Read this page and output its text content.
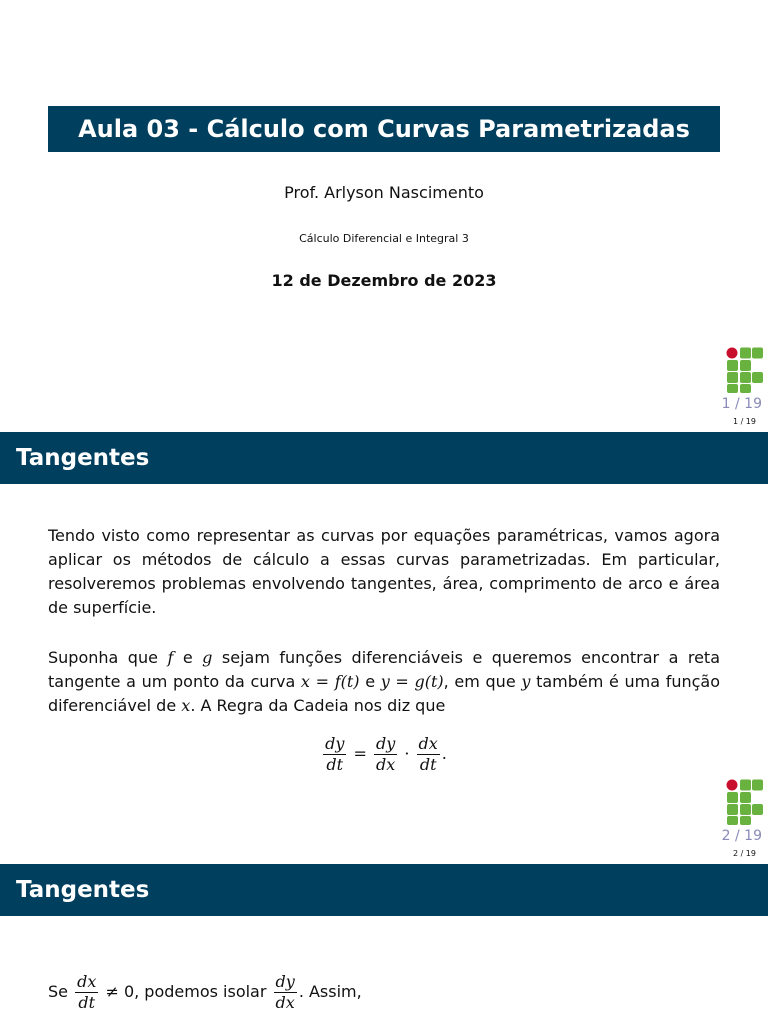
Aula 03 - Cálculo com Curvas Parametrizadas
Prof. Arlyson Nascimento
Cálculo Diferencial e Integral 3
12 de Dezembro de 2023
1 / 19
1 / 19
Tangentes

Tendo visto como representar as curvas por equações paramétricas, vamos agora aplicar os métodos de cálculo a essas curvas parametrizadas. Em particular, resolveremos problemas envolvendo tangentes, área, comprimento de arco e área de superfície.

Suponha que f e g sejam funções diferenciáveis e queremos encontrar a reta tangente a um ponto da curva x = f(t) e y = g(t), em que y também é uma função diferenciável de x. A Regra da Cadeia nos diz que

$\frac{dy}{dt} = \frac{dy}{dx} \cdot \frac{dx}{dt}$ .
2 / 19
2 / 19
Tangentes
Se $\frac{dx}{dt} \ne 0$, podemos isolar $\frac{dy}{dx}$ . Assim,
